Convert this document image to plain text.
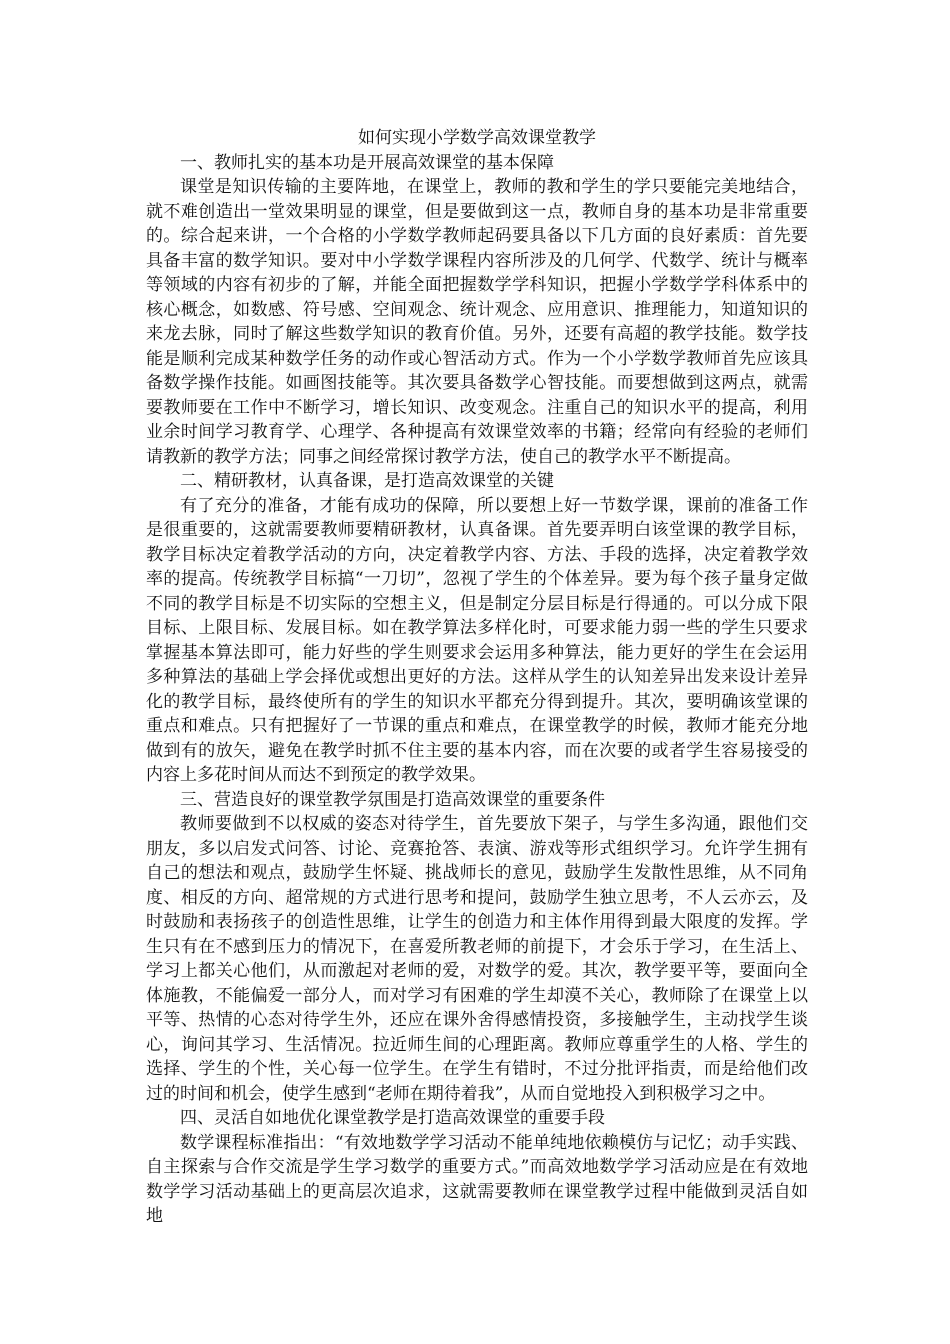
如何实现小学数学高效课堂教学

一、教师扎实的基本功是开展高效课堂的基本保障

课堂是知识传输的主要阵地，在课堂上，教师的教和学生的学只要能完美地结合，就不难创造出一堂效果明显的课堂，但是要做到这一点，教师自身的基本功是非常重要的。综合起来讲，一个合格的小学数学教师起码要具备以下几方面的良好素质：首先要具备丰富的数学知识。要对中小学数学课程内容所涉及的几何学、代数学、统计与概率等领域的内容有初步的了解，并能全面把握数学学科知识，把握小学数学学科体系中的核心概念，如数感、符号感、空间观念、统计观念、应用意识、推理能力，知道知识的来龙去脉，同时了解这些数学知识的教育价值。另外，还要有高超的教学技能。数学技能是顺利完成某种数学任务的动作或心智活动方式。作为一个小学数学教师首先应该具备数学操作技能。如画图技能等。其次要具备数学心智技能。而要想做到这两点，就需要教师要在工作中不断学习，增长知识、改变观念。注重自己的知识水平的提高，利用业余时间学习教育学、心理学、各种提高有效课堂效率的书籍；经常向有经验的老师们请教新的教学方法；同事之间经常探讨教学方法，使自己的教学水平不断提高。

二、精研教材，认真备课，是打造高效课堂的关键

有了充分的准备，才能有成功的保障，所以要想上好一节数学课，课前的准备工作是很重要的，这就需要教师要精研教材，认真备课。首先要弄明白该堂课的教学目标，教学目标决定着教学活动的方向，决定着教学内容、方法、手段的选择，决定着教学效率的提高。传统教学目标搞“一刀切”，忽视了学生的个体差异。要为每个孩子量身定做不同的教学目标是不切实际的空想主义，但是制定分层目标是行得通的。可以分成下限目标、上限目标、发展目标。如在教学算法多样化时，可要求能力弱一些的学生只要求掌握基本算法即可，能力好些的学生则要求会运用多种算法，能力更好的学生在会运用多种算法的基础上学会择优或想出更好的方法。这样从学生的认知差异出发来设计差异化的教学目标，最终使所有的学生的知识水平都充分得到提升。其次，要明确该堂课的重点和难点。只有把握好了一节课的重点和难点，在课堂教学的时候，教师才能充分地做到有的放矢，避免在教学时抓不住主要的基本内容，而在次要的或者学生容易接受的内容上多花时间从而达不到预定的教学效果。

三、营造良好的课堂教学氛围是打造高效课堂的重要条件

教师要做到不以权威的姿态对待学生，首先要放下架子，与学生多沟通，跟他们交朋友，多以启发式问答、讨论、竞赛抢答、表演、游戏等形式组织学习。允许学生拥有自己的想法和观点，鼓励学生怀疑、挑战师长的意见，鼓励学生发散性思维，从不同角度、相反的方向、超常规的方式进行思考和提问，鼓励学生独立思考，不人云亦云，及时鼓励和表扬孩子的创造性思维，让学生的创造力和主体作用得到最大限度的发挥。学生只有在不感到压力的情况下，在喜爱所教老师的前提下，才会乐于学习，在生活上、学习上都关心他们，从而激起对老师的爱，对数学的爱。其次，教学要平等，要面向全体施教，不能偏爱一部分人，而对学习有困难的学生却漠不关心，教师除了在课堂上以平等、热情的心态对待学生外，还应在课外舍得感情投资，多接触学生，主动找学生谈心，询问其学习、生活情况。拉近师生间的心理距离。教师应尊重学生的人格、学生的选择、学生的个性，关心每一位学生。在学生有错时，不过分批评指责，而是给他们改过的时间和机会，使学生感到“老师在期待着我”，从而自觉地投入到积极学习之中。

四、灵活自如地优化课堂教学是打造高效课堂的重要手段

数学课程标准指出：“有效地数学学习活动不能单纯地依赖模仿与记忆；动手实践、自主探索与合作交流是学生学习数学的重要方式。”而高效地数学学习活动应是在有效地数学学习活动基础上的更高层次追求，这就需要教师在课堂教学过程中能做到灵活自如地
